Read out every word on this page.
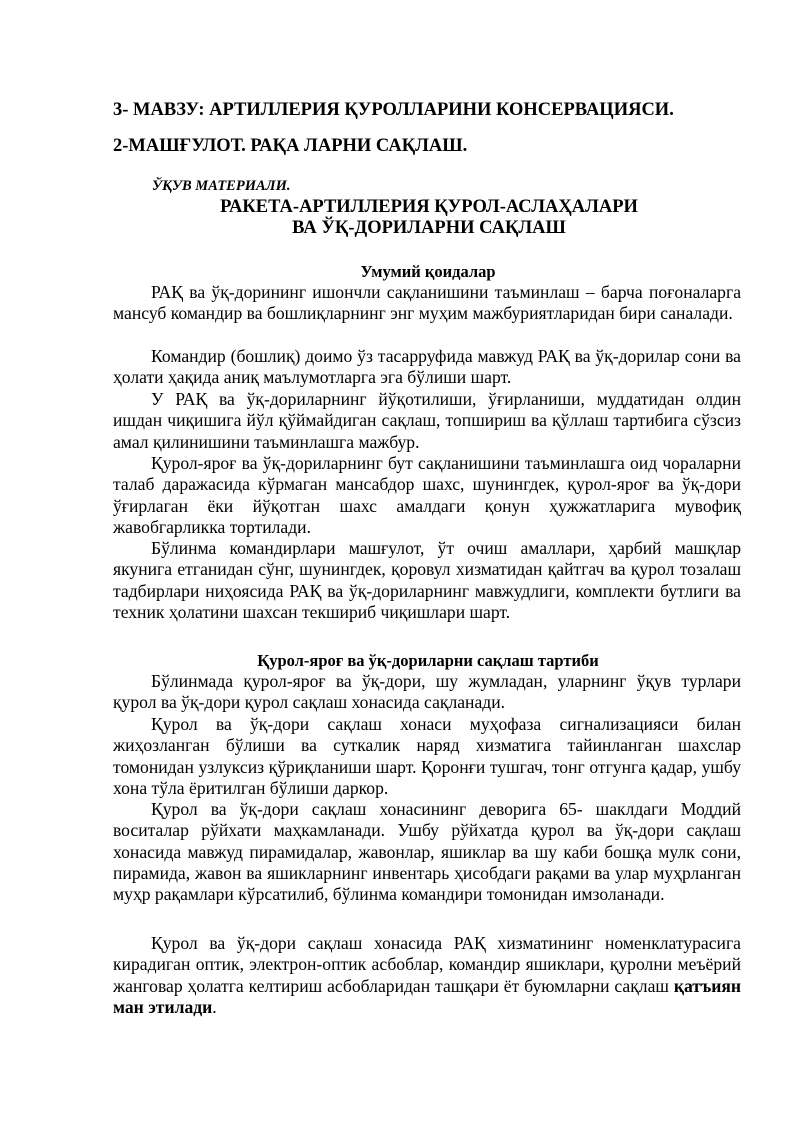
3- МАВЗУ: АРТИЛЛЕРИЯ ҚУРОЛЛАРИНИ КОНСЕРВАЦИЯСИ.
2-МАШҒУЛОТ. РАҚА ЛАРНИ САҚЛАШ.
ЎҚУВ МАТЕРИАЛИ.
РАКЕТА-АРТИЛЛЕРИЯ ҚУРОЛ-АСЛАҲАЛАРИ
ВА ЎҚ-ДОРИЛАРНИ САҚЛАШ
Умумий қоидалар

РАҚ ва ўқ-дорининг ишончли сақланишини таъминлаш – барча поғоналарга мансуб командир ва бошлиқларнинг энг муҳим мажбуриятларидан бири саналади.

Командир (бошлиқ) доимо ўз тасарруфида мавжуд РАҚ ва ўқ-дорилар сони ва ҳолати ҳақида аниқ маълумотларга эга бўлиши шарт.

У РАҚ ва ўқ-дориларнинг йўқотилиши, ўғирланиши, муддатидан олдин ишдан чиқишига йўл қўймайдиган сақлаш, топшириш ва қўллаш тартибига сўзсиз амал қилинишини таъминлашга мажбур.

Қурол-яроғ ва ўқ-дориларнинг бут сақланишини таъминлашга оид чораларни талаб даражасида кўрмаган мансабдор шахс, шунингдек, қурол-яроғ ва ўқ-дори ўғирлаган ёки йўқотган шахс амалдаги қонун ҳужжатларига мувофиқ жавобгарликка тортилади.

Бўлинма командирлари машғулот, ўт очиш амаллари, ҳарбий машқлар якунига етганидан сўнг, шунингдек, қоровул хизматидан қайтгач ва қурол тозалаш тадбирлари ниҳоясида РАҚ ва ўқ-дориларнинг мавжудлиги, комплекти бутлиги ва техник ҳолатини шахсан текшириб чиқишлари шарт.

Қурол-яроғ ва ўқ-дориларни сақлаш тартиби

Бўлинмада қурол-яроғ ва ўқ-дори, шу жумладан, уларнинг ўқув турлари қурол ва ўқ-дори қурол сақлаш хонасида сақланади.

Қурол ва ўқ-дори сақлаш хонаси муҳофаза сигнализацияси билан жиҳозланган бўлиши ва суткалик наряд хизматига тайинланган шахслар томонидан узлуксиз қўриқланиши шарт. Қоронғи тушгач, тонг отгунга қадар, ушбу хона тўла ёритилган бўлиши даркор.

Қурол ва ўқ-дори сақлаш хонасининг деворига 65- шаклдаги Моддий воситалар рўйхати маҳкамланади. Ушбу рўйхатда қурол ва ўқ-дори сақлаш хонасида мавжуд пирамидалар, жавонлар, яшиклар ва шу каби бошқа мулк сони, пирамида, жавон ва яшикларнинг инвентарь ҳисобдаги рақами ва улар муҳрланган муҳр рақамлари кўрсатилиб, бўлинма командири томонидан имзоланади.

Қурол ва ўқ-дори сақлаш хонасида РАҚ хизматининг номенклатурасига кирадиган оптик, электрон-оптик асбоблар, командир яшиклари, қуролни меъёрий жанговар ҳолатга келтириш асбобларидан ташқари ёт буюмларни сақлаш қатъиян ман этилади.
